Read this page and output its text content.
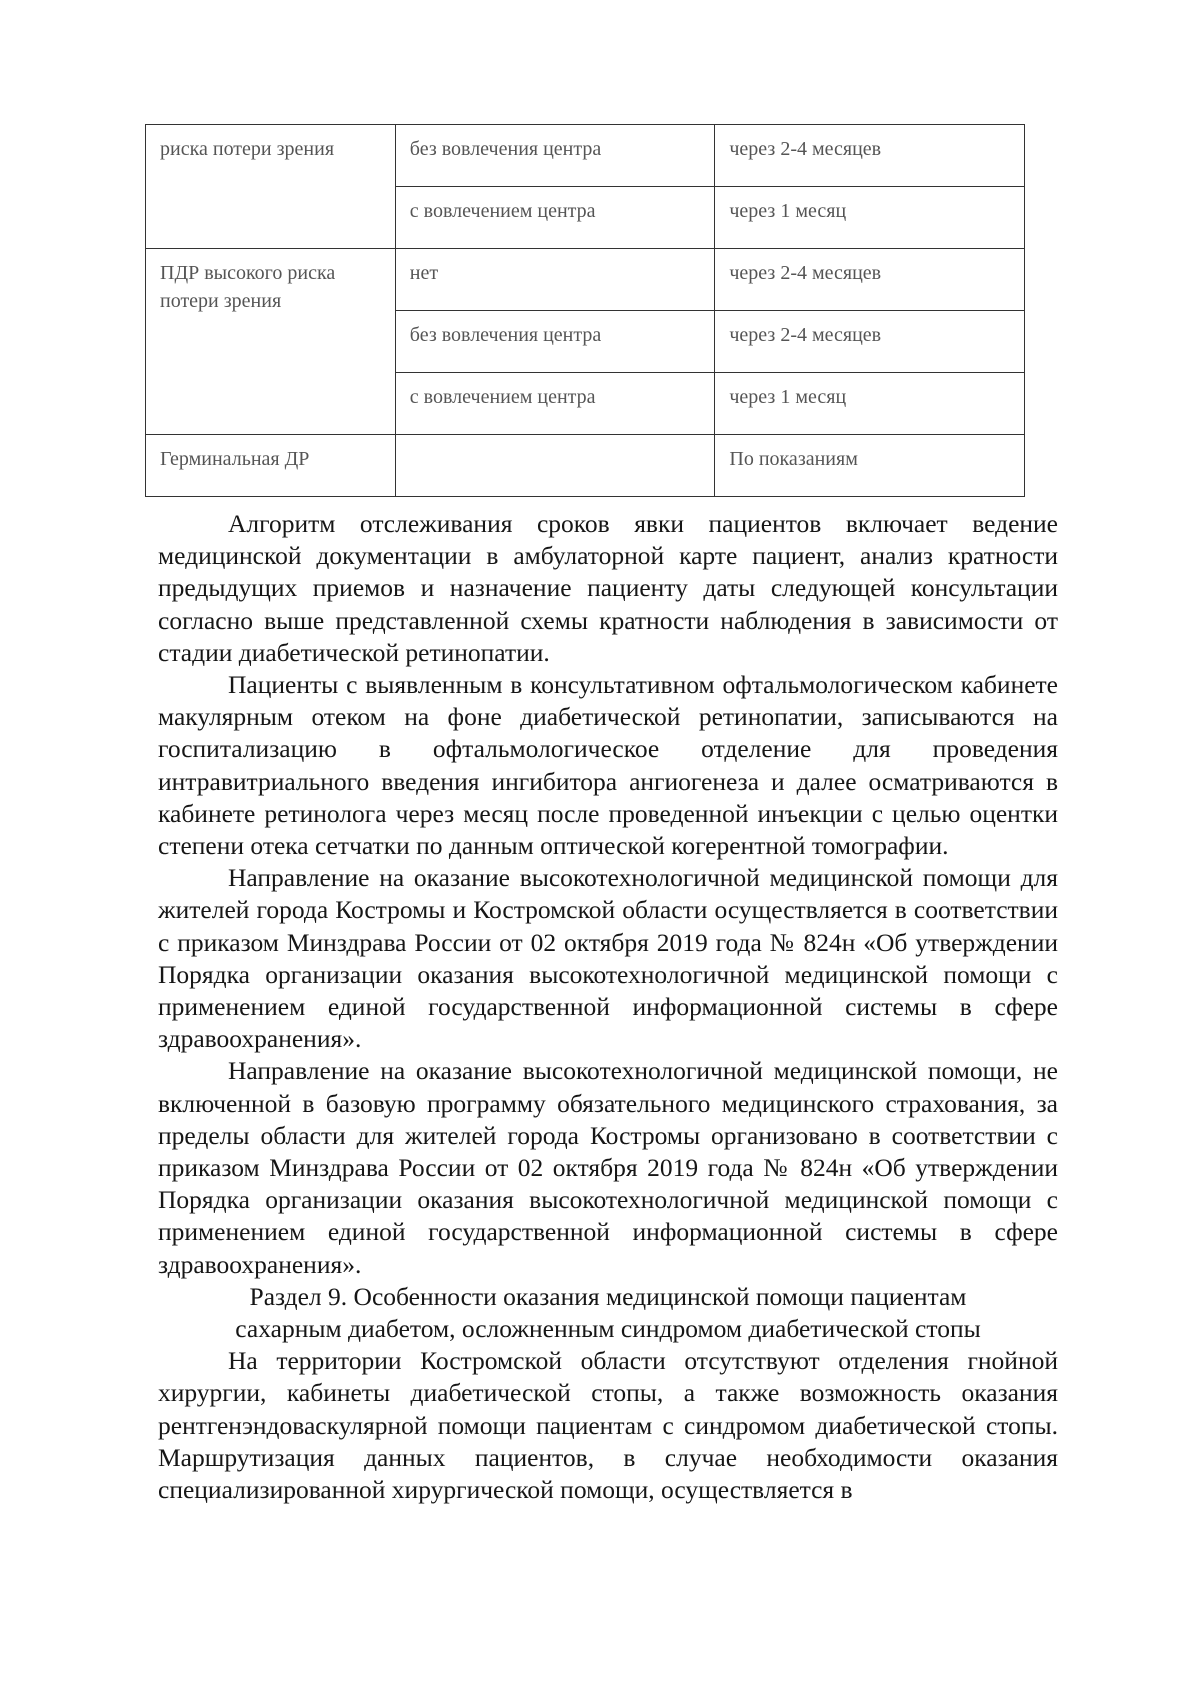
риска потери зрения	без вовлечения центра	через 2-4 месяцев
	с вовлечением центра	через 1 месяц
ПДР высокого риска потери зрения	нет	через 2-4 месяцев
	без вовлечения центра	через 2-4 месяцев
	с вовлечением центра	через 1 месяц
Герминальная ДР		По показаниям

Алгоритм отслеживания сроков явки пациентов включает ведение медицинской документации в амбулаторной карте пациент, анализ кратности предыдущих приемов и назначение пациенту даты следующей консультации согласно выше представленной схемы кратности наблюдения в зависимости от стадии диабетической ретинопатии.

Пациенты с выявленным в консультативном офтальмологическом кабинете макулярным отеком на фоне диабетической ретинопатии, записываются на госпитализацию в офтальмологическое отделение для проведения интравитриального введения ингибитора ангиогенеза и далее осматриваются в кабинете ретинолога через месяц после проведенной инъекции с целью оцентки степени отека сетчатки по данным оптической когерентной томографии.

Направление на оказание высокотехнологичной медицинской помощи для жителей города Костромы и Костромской области осуществляется в соответствии с приказом Минздрава России от 02 октября 2019 года № 824н «Об утверждении Порядка организации оказания высокотехнологичной медицинской помощи с применением единой государственной информационной системы в сфере здравоохранения».

Направление на оказание высокотехнологичной медицинской помощи, не включенной в базовую программу обязательного медицинского страхования, за пределы области для жителей города Костромы организовано в соответствии с приказом Минздрава России от 02 октября 2019 года № 824н «Об утверждении Порядка организации оказания высокотехнологичной медицинской помощи с применением единой государственной информационной системы в сфере здравоохранения».

Раздел 9. Особенности оказания медицинской помощи пациентам
сахарным диабетом, осложненным синдромом диабетической стопы

На территории Костромской области отсутствуют отделения гнойной хирургии, кабинеты диабетической стопы, а также возможность оказания рентгенэндоваскулярной помощи пациентам с синдромом диабетической стопы. Маршрутизация данных пациентов, в случае необходимости оказания специализированной хирургической помощи, осуществляется в
